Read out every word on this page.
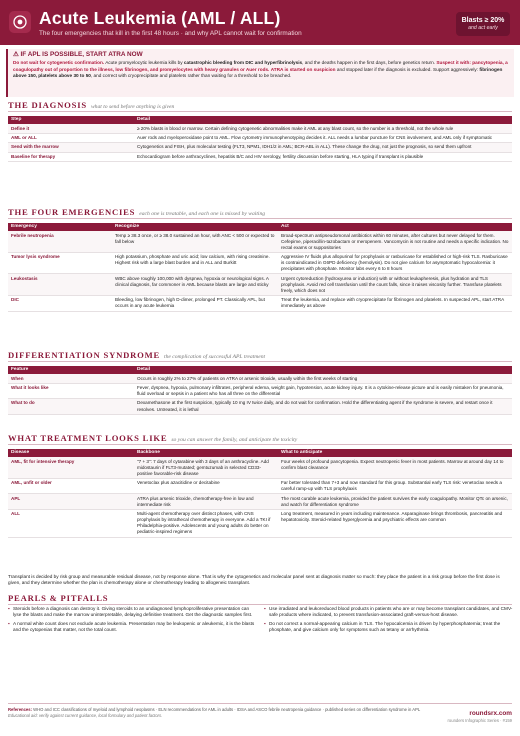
Acute Leukemia (AML / ALL)
The four emergencies that kill in the first 48 hours · and why APL cannot wait for confirmation
Blasts ≥ 20%
and act early
⚠ IF APL IS POSSIBLE, START ATRA NOW

Do not wait for cytogenetic confirmation. Acute promyelocytic leukemia kills by catastrophic bleeding from DIC and hyperfibrinolysis, and the deaths happen in the first days, before genetics return. Suspect it with: pancytopenia, a coagulopathy out of proportion to the illness, low fibrinogen, and promyelocytes with heavy granules or Auer rods. ATRA is started on suspicion and stopped later if the diagnosis is excluded. Support aggressively: fibrinogen above 150, platelets above 30 to 50, and correct with cryoprecipitate and platelets rather than waiting for a threshold to be breached.

THE DIAGNOSIS what to send before anything is given
Step	Detail
Define it	≥ 20% blasts in blood or marrow. Certain defining cytogenetic abnormalities make it AML at any blast count, so the number is a threshold, not the whole rule
AML or ALL	Auer rods and myeloperoxidase point to AML. Flow cytometry immunophenotyping decides it. ALL needs a lumbar puncture for CNS involvement, and AML only if symptomatic
Send with the marrow	Cytogenetics and FISH, plus molecular testing (FLT3, NPM1, IDH1/2 in AML; BCR-ABL in ALL). These change the drug, not just the prognosis, so send them upfront
Baseline for therapy	Echocardiogram before anthracyclines, hepatitis B/C and HIV serology, fertility discussion before starting, HLA typing if transplant is plausible
THE FOUR EMERGENCIES each one is treatable, and each one is missed by waiting
Emergency	Recognize	Act
Febrile neutropenia	Temp ≥ 38.3 once, or ≥ 38.0 sustained an hour, with ANC < 500 or expected to fall below	Broad-spectrum antipseudomonal antibiotics within 60 minutes, after cultures but never delayed for them. Cefepime, piperacillin-tazobactam or meropenem. Vancomycin is not routine and needs a specific indication. No rectal exams or suppositories
Tumor lysis syndrome	High potassium, phosphate and uric acid; low calcium, with rising creatinine. Highest risk with a large blast burden and in ALL and Burkitt	Aggressive IV fluids plus allopurinol for prophylaxis or rasburicase for established or high-risk TLS. Rasburicase is contraindicated in G6PD deficiency (hemolysis). Do not give calcium for asymptomatic hypocalcemia: it precipitates with phosphate. Monitor labs every 6 to 8 hours
Leukostasis	WBC above roughly 100,000 with dyspnea, hypoxia or neurological signs. A clinical diagnosis, far commoner in AML because blasts are large and sticky	Urgent cytoreduction (hydroxyurea or induction) with or without leukapheresis, plus hydration and TLS prophylaxis. Avoid red cell transfusion until the count falls, since it raises viscosity further. Transfuse platelets freely, which does not
DIC	Bleeding, low fibrinogen, high D-dimer, prolonged PT. Classically APL, but occurs in any acute leukemia	Treat the leukemia, and replace with cryoprecipitate for fibrinogen and platelets. In suspected APL, start ATRA immediately as above
DIFFERENTIATION SYNDROME the complication of successful APL treatment
Feature	Detail
When	Occurs in roughly 2% to 27% of patients on ATRA or arsenic trioxide, usually within the first weeks of starting
What it looks like	Fever, dyspnea, hypoxia, pulmonary infiltrates, peripheral edema, weight gain, hypotension, acute kidney injury. It is a cytokine-release picture and is easily mistaken for pneumonia, fluid overload or sepsis in a patient who has all three on the differential
What to do	Dexamethasone at the first suspicion, typically 10 mg IV twice daily, and do not wait for confirmation. Hold the differentiating agent if the syndrome is severe, and restart once it resolves. Untreated, it is lethal
WHAT TREATMENT LOOKS LIKE so you can answer the family, and anticipate the toxicity
Disease	Backbone	What to anticipate
AML, fit for intensive therapy	"7 + 3": 7 days of cytarabine with 3 days of an anthracycline. Add midostaurin if FLT3-mutated; gemtuzumab in selected CD33-positive favorable-risk disease	Four weeks of profound pancytopenia. Expect neutropenic fever in most patients. Marrow at around day 14 to confirm blast clearance
AML, unfit or older	Venetoclax plus azacitidine or decitabine	Far better tolerated than 7+3 and now standard for this group. Substantial early TLS risk: venetoclax needs a careful ramp-up with TLS prophylaxis
APL	ATRA plus arsenic trioxide, chemotherapy-free in low and intermediate risk	The most curable acute leukemia, provided the patient survives the early coagulopathy. Monitor QTc on arsenic, and watch for differentiation syndrome
ALL	Multi-agent chemotherapy over distinct phases, with CNS prophylaxis by intrathecal chemotherapy in everyone. Add a TKI if Philadelphia-positive. Adolescents and young adults do better on pediatric-inspired regimens	Long treatment, measured in years including maintenance. Asparaginase brings thrombosis, pancreatitis and hepatotoxicity. Steroid-related hyperglycemia and psychiatric effects are common
Transplant is decided by risk group and measurable residual disease, not by response alone. That is why the cytogenetics and molecular panel sent at diagnosis matter so much: they place the patient in a risk group before the first dose is given, and they determine whether the plan is chemotherapy alone or chemotherapy leading to allogeneic transplant.
PEARLS & PITFALLS
▪ Steroids before a diagnosis can destroy it. Giving steroids to an undiagnosed lymphoproliferative presentation can lyse the blasts and make the marrow uninterpretable, delaying definitive treatment. Get the diagnostic samples first.
▪ A normal white count does not exclude acute leukemia. Presentation may be leukopenic or aleukemic, it is the blasts and the cytopenias that matter, not the total count.
▪ Use irradiated and leukoreduced blood products in patients who are or may become transplant candidates, and CMV-safe products where indicated, to prevent transfusion-associated graft-versus-host disease.
▪ Do not correct a normal-appearing calcium in TLS. The hypocalcemia is driven by hyperphosphatemia; treat the phosphate, and give calcium only for symptoms such as tetany or arrhythmia.
References: WHO and ICC classifications of myeloid and lymphoid neoplasms · ELN recommendations for AML in adults · IDSA and ASCO febrile neutropenia guidance · published series on differentiation syndrome in APL
Educational aid: verify against current guidance, local formulary and patient factors.	roundsrx.com
rounders Infographic Series · #159
